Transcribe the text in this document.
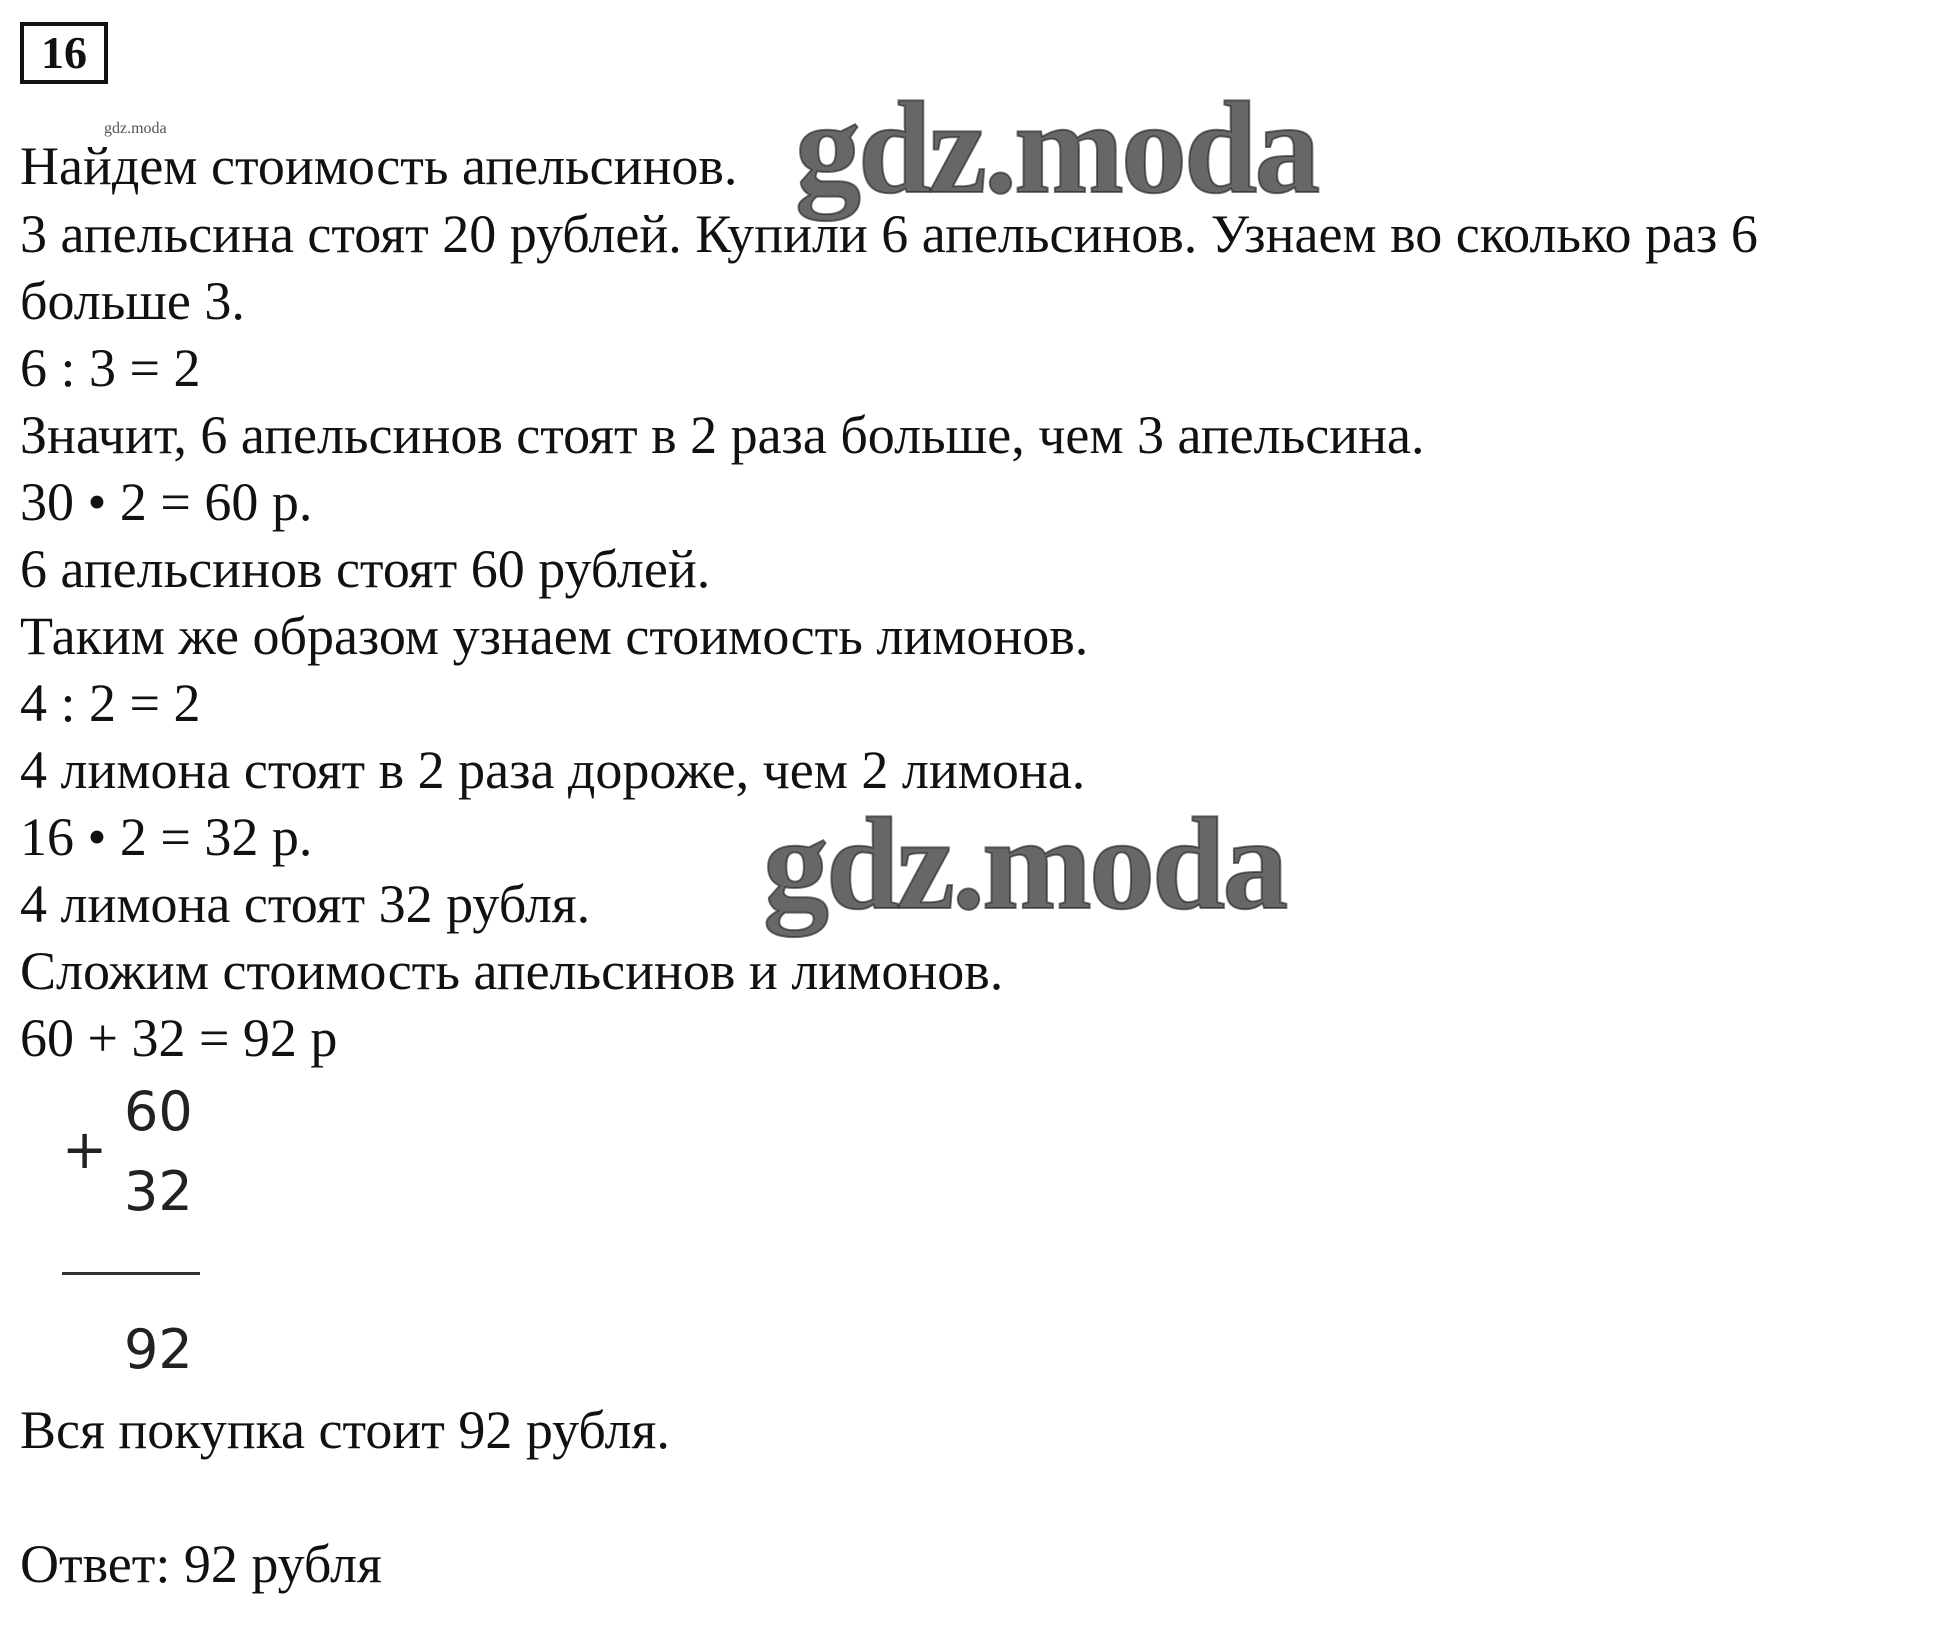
16
gdz.moda
Найдем стоимость апельсинов.
3 апельсина стоят 20 рублей. Купили 6 апельсинов. Узнаем во сколько раз 6
больше 3.
6 : 3 = 2
Значит, 6 апельсинов стоят в 2 раза больше, чем 3 апельсина.
30 • 2 = 60 р.
6 апельсинов стоят 60 рублей.
Таким же образом узнаем стоимость лимонов.
4 : 2 = 2
4 лимона стоят в 2 раза дороже, чем 2 лимона.
16 • 2 = 32 р.
4 лимона стоят 32 рубля.
Сложим стоимость апельсинов и лимонов.
60 + 32 = 92 р
+
60
32
92
Вся покупка стоит 92 рубля.
Ответ: 92 рубля
gdz.moda
gdz.moda
